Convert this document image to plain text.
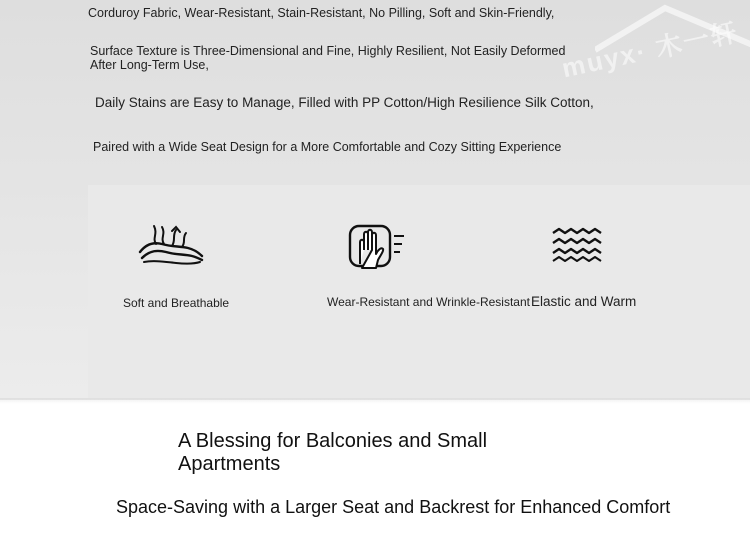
muyx· 木一轩
Corduroy Fabric, Wear-Resistant, Stain-Resistant, No Pilling, Soft and Skin-Friendly,
Surface Texture is Three-Dimensional and Fine, Highly Resilient, Not Easily Deformed
After Long-Term Use,
Daily Stains are Easy to Manage, Filled with PP Cotton/High Resilience Silk Cotton,
Paired with a Wide Seat Design for a More Comfortable and Cozy Sitting Experience
Soft and Breathable	Wear-Resistant and Wrinkle-Resistant Elastic and Warm
A Blessing for Balconies and Small Apartments
Space-Saving with a Larger Seat and Backrest for Enhanced Comfort
